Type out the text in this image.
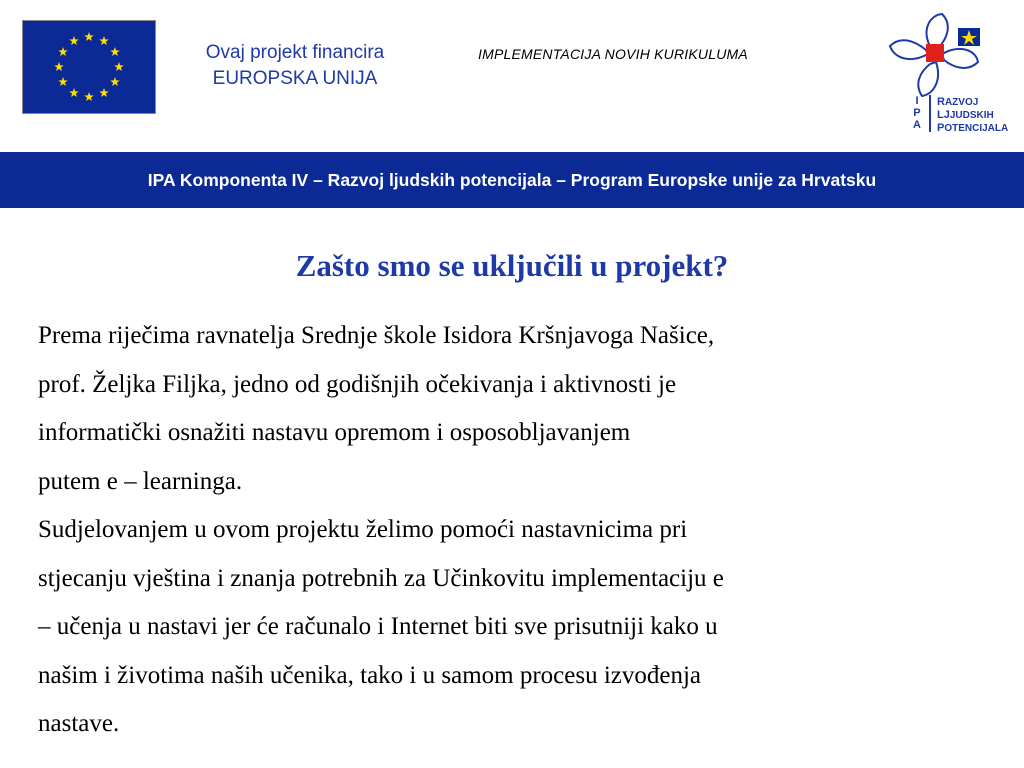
Ovaj projekt financira
EUROPSKA UNIJA
IMPLEMENTACIJA NOVIH KURIKULUMA
I
P
A
RAZVOJ
LJJUDSKIH
POTENCIJALA
IPA Komponenta IV – Razvoj ljudskih potencijala – Program Europske unije za Hrvatsku
Zašto smo se uključili u projekt?
Prema riječima ravnatelja Srednje škole Isidora Kršnjavoga Našice,
prof. Željka Filjka, jedno od godišnjih očekivanja i aktivnosti je
informatički osnažiti nastavu opremom i osposobljavanjem
putem e – learninga.
Sudjelovanjem u ovom projektu želimo pomoći nastavnicima pri
stjecanju vještina i znanja potrebnih za Učinkovitu implementaciju e
– učenja u nastavi jer će računalo i Internet biti sve prisutniji kako u
našim i životima naših učenika, tako i u samom procesu izvođenja
nastave.
